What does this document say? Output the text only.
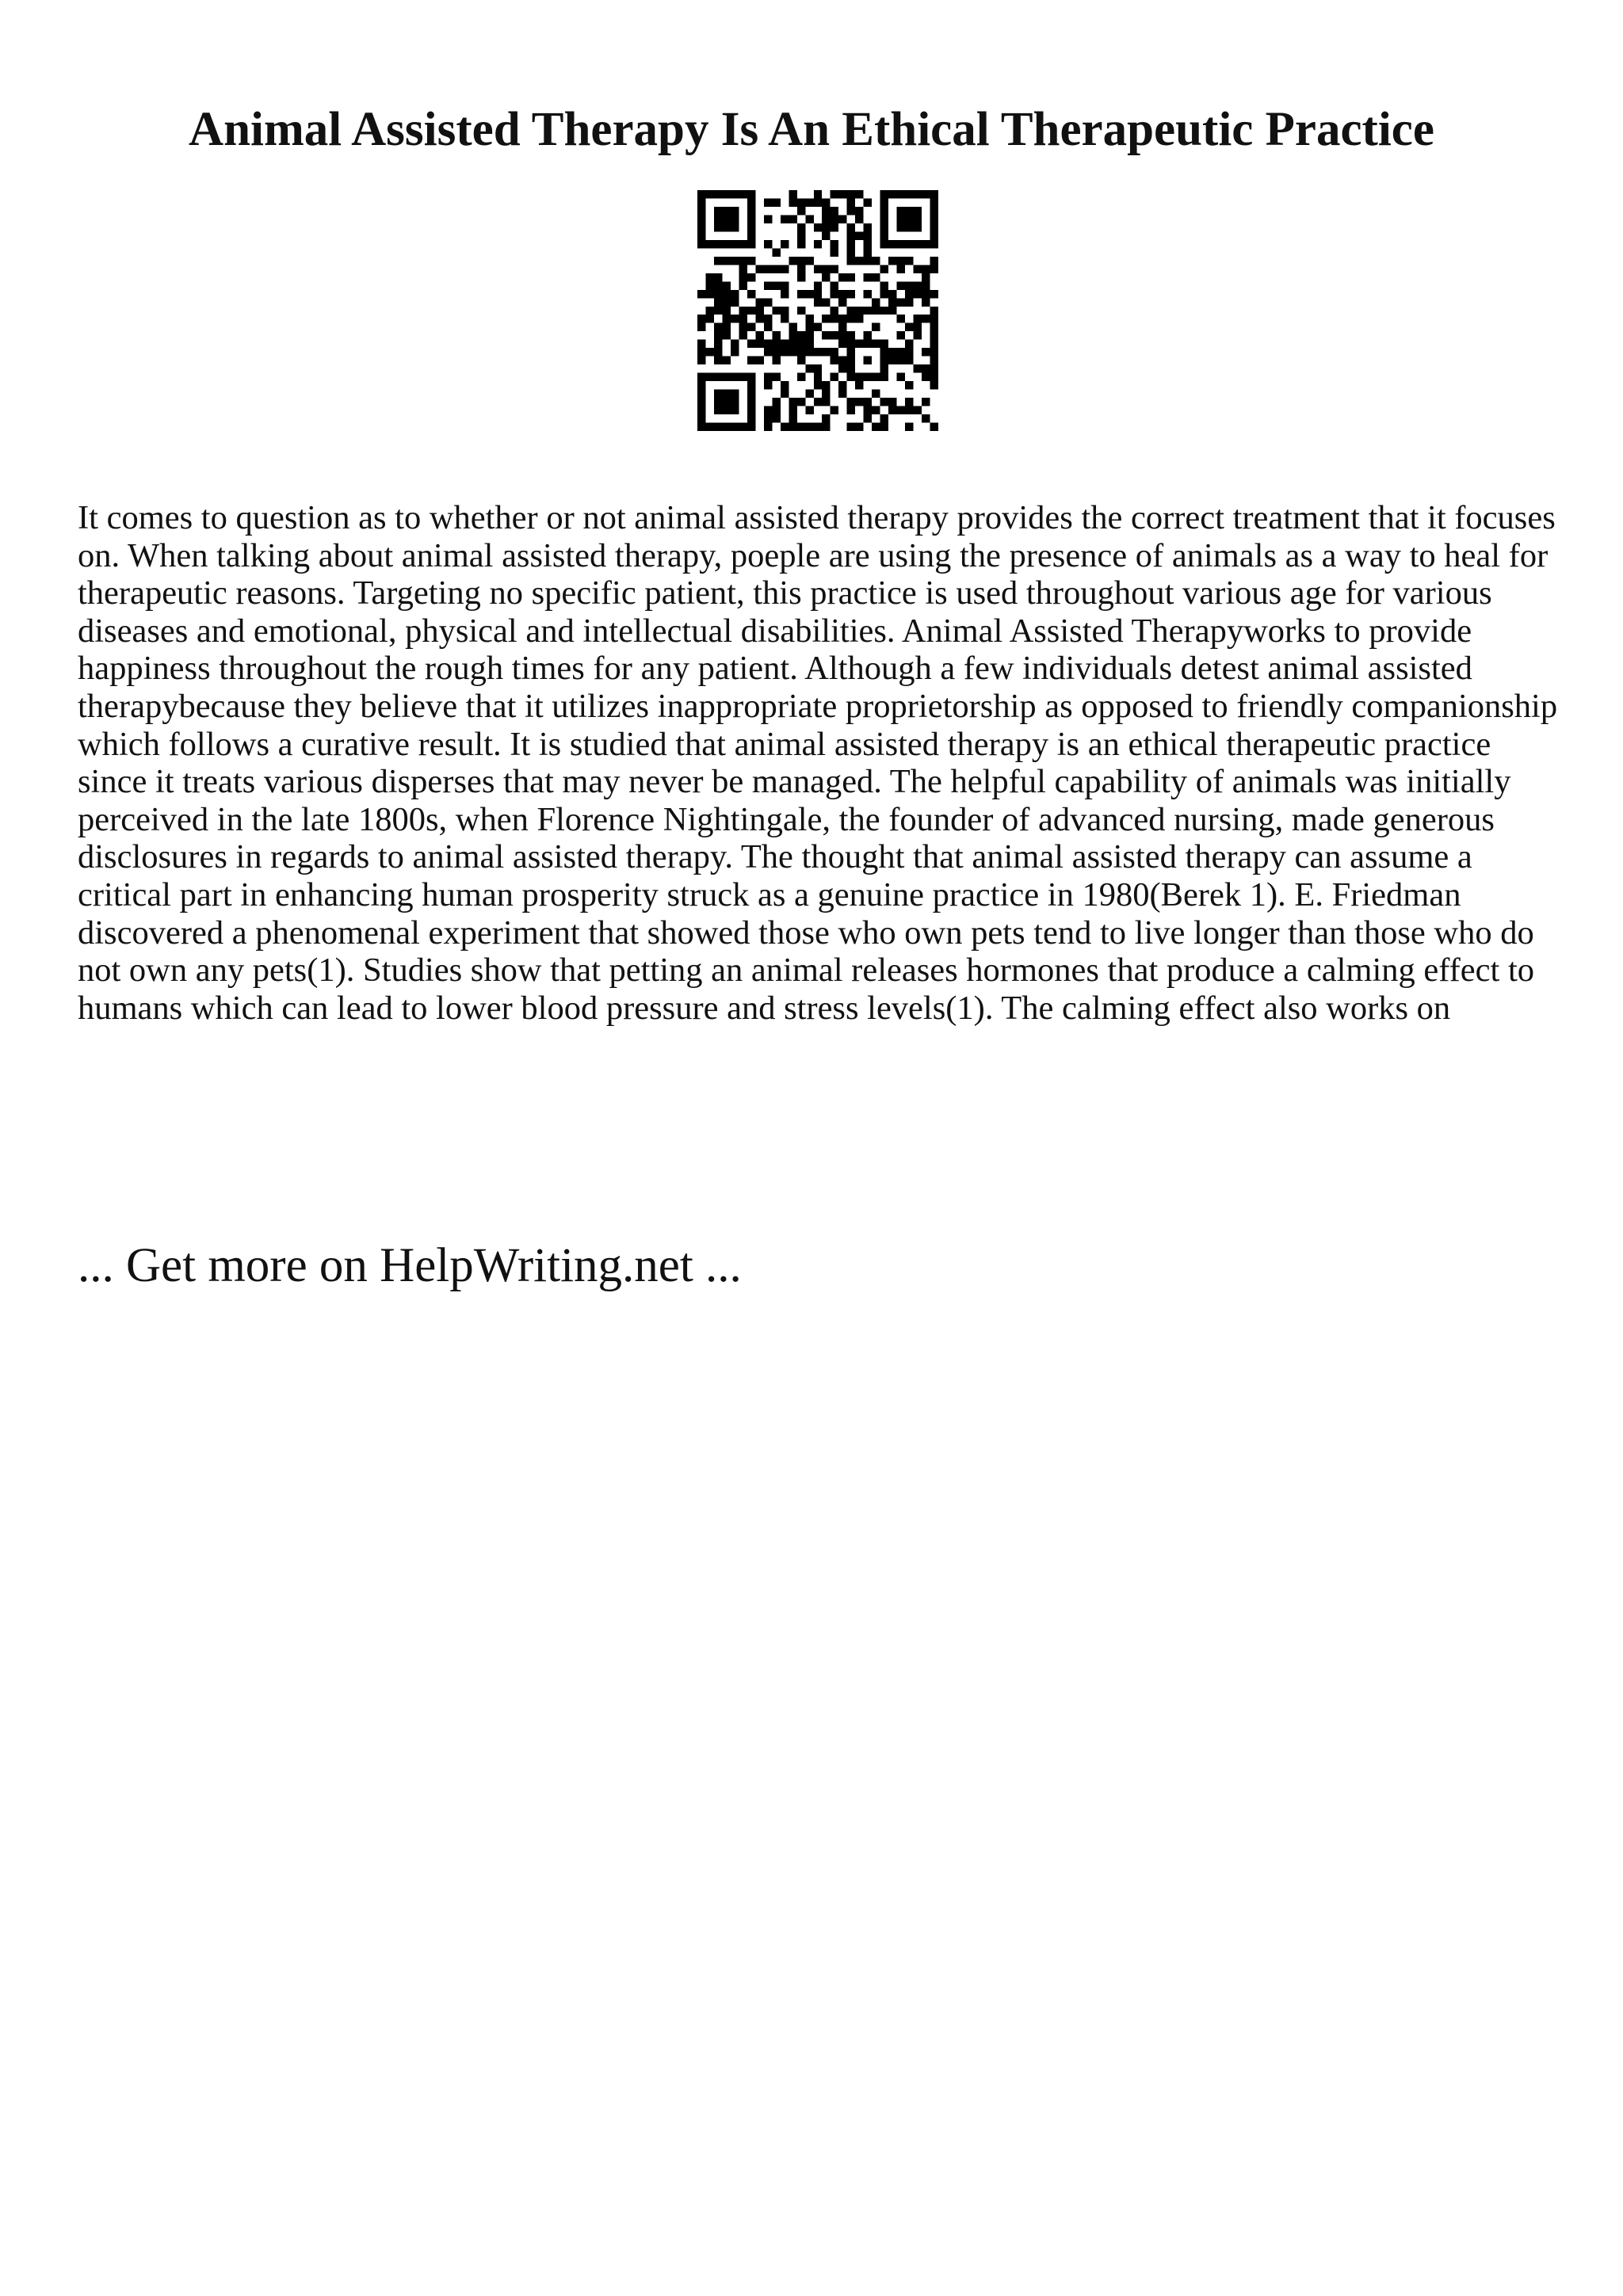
Animal Assisted Therapy Is An Ethical Therapeutic Practice

It comes to question as to whether or not animal assisted therapy provides the correct treatment that it focuses on. When talking about animal assisted therapy, poeple are using the presence of animals as a way to heal for therapeutic reasons. Targeting no specific patient, this practice is used throughout various age for various diseases and emotional, physical and intellectual disabilities. Animal Assisted Therapyworks to provide happiness throughout the rough times for any patient. Although a few individuals detest animal assisted therapybecause they believe that it utilizes inappropriate proprietorship as opposed to friendly companionship which follows a curative result. It is studied that animal assisted therapy is an ethical therapeutic practice since it treats various disperses that may never be managed. The helpful capability of animals was initially perceived in the late 1800s, when Florence Nightingale, the founder of advanced nursing, made generous disclosures in regards to animal assisted therapy. The thought that animal assisted therapy can assume a critical part in enhancing human prosperity struck as a genuine practice in 1980(Berek 1). E. Friedman discovered a phenomenal experiment that showed those who own pets tend to live longer than those who do not own any pets(1). Studies show that petting an animal releases hormones that produce a calming effect to humans which can lead to lower blood pressure and stress levels(1). The calming effect also works on

... Get more on HelpWriting.net ...
